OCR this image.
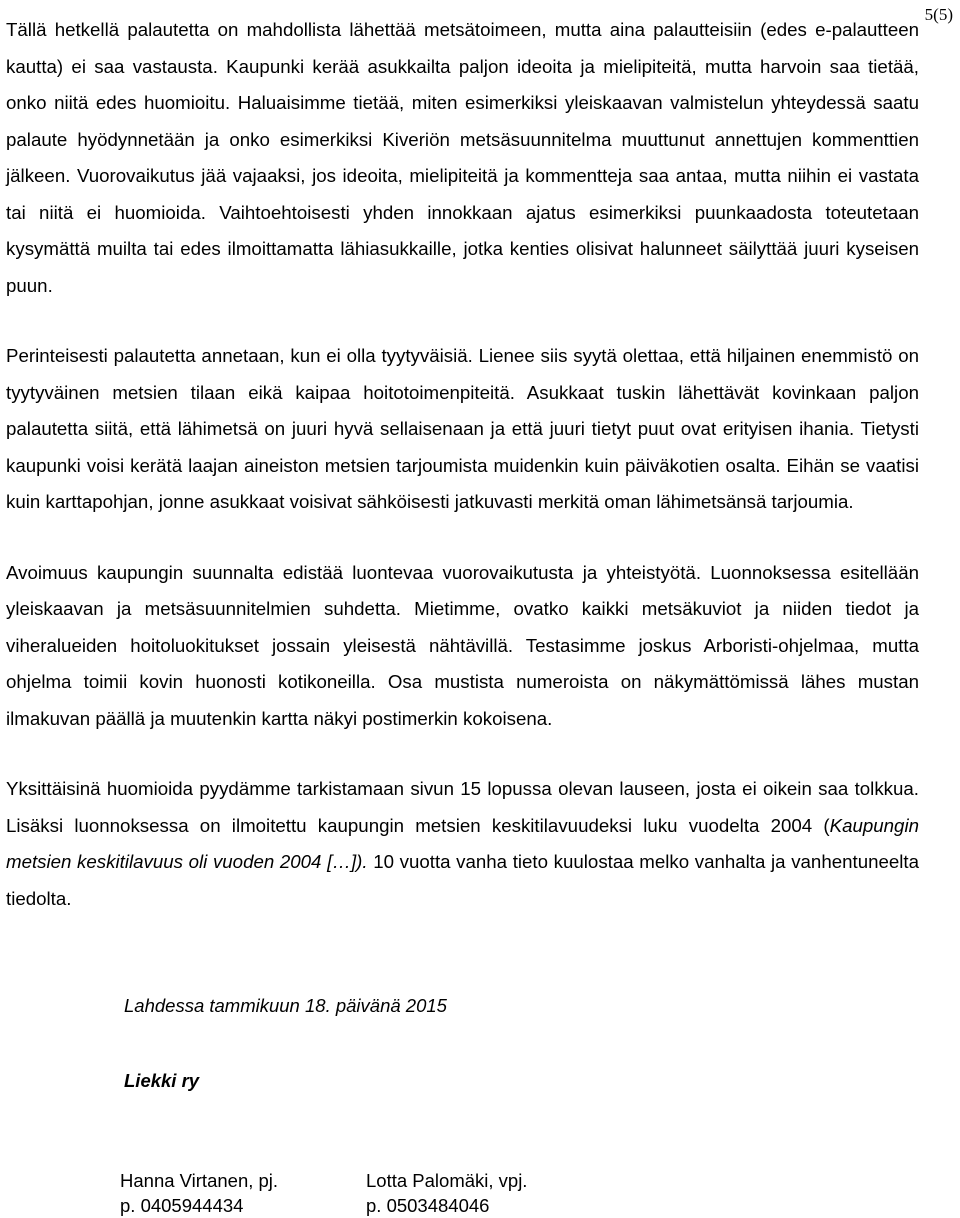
5(5)

Tällä hetkellä palautetta on mahdollista lähettää metsätoimeen, mutta aina palautteisiin (edes e-palautteen kautta) ei saa vastausta. Kaupunki kerää asukkailta paljon ideoita ja mielipiteitä, mutta harvoin saa tietää, onko niitä edes huomioitu. Haluaisimme tietää, miten esimerkiksi yleiskaavan valmistelun yhteydessä saatu palaute hyödynnetään ja onko esimerkiksi Kiveriön metsäsuunnitelma muuttunut annettujen kommenttien jälkeen. Vuorovaikutus jää vajaaksi, jos ideoita, mielipiteitä ja kommentteja saa antaa, mutta niihin ei vastata tai niitä ei huomioida. Vaihtoehtoisesti yhden innokkaan ajatus esimerkiksi puunkaadosta toteutetaan kysymättä muilta tai edes ilmoittamatta lähiasukkaille, jotka kenties olisivat halunneet säilyttää juuri kyseisen puun.

Perinteisesti palautetta annetaan, kun ei olla tyytyväisiä. Lienee siis syytä olettaa, että hiljainen enemmistö on tyytyväinen metsien tilaan eikä kaipaa hoitotoimenpiteitä. Asukkaat tuskin lähettävät kovinkaan paljon palautetta siitä, että lähimetsä on juuri hyvä sellaisenaan ja että juuri tietyt puut ovat erityisen ihania. Tietysti kaupunki voisi kerätä laajan aineiston metsien tarjoumista muidenkin kuin päiväkotien osalta. Eihän se vaatisi kuin karttapohjan, jonne asukkaat voisivat sähköisesti jatkuvasti merkitä oman lähimetsänsä tarjoumia.

Avoimuus kaupungin suunnalta edistää luontevaa vuorovaikutusta ja yhteistyötä. Luonnoksessa esitellään yleiskaavan ja metsäsuunnitelmien suhdetta. Mietimme, ovatko kaikki metsäkuviot ja niiden tiedot ja viheralueiden hoitoluokitukset jossain yleisestä nähtävillä. Testasimme joskus Arboristi-ohjelmaa, mutta ohjelma toimii kovin huonosti kotikoneilla. Osa mustista numeroista on näkymättömissä lähes mustan ilmakuvan päällä ja muutenkin kartta näkyi postimerkin kokoisena.

Yksittäisinä huomioida pyydämme tarkistamaan sivun 15 lopussa olevan lauseen, josta ei oikein saa tolkkua. Lisäksi luonnoksessa on ilmoitettu kaupungin metsien keskitilavuudeksi luku vuodelta 2004 (Kaupungin metsien keskitilavuus oli vuoden 2004 […]). 10 vuotta vanha tieto kuulostaa melko vanhalta ja vanhentuneelta tiedolta.

Lahdessa tammikuun 18. päivänä 2015

Liekki ry

Hanna Virtanen, pj.
p. 0405944434
Lotta Palomäki, vpj.
p. 0503484046
